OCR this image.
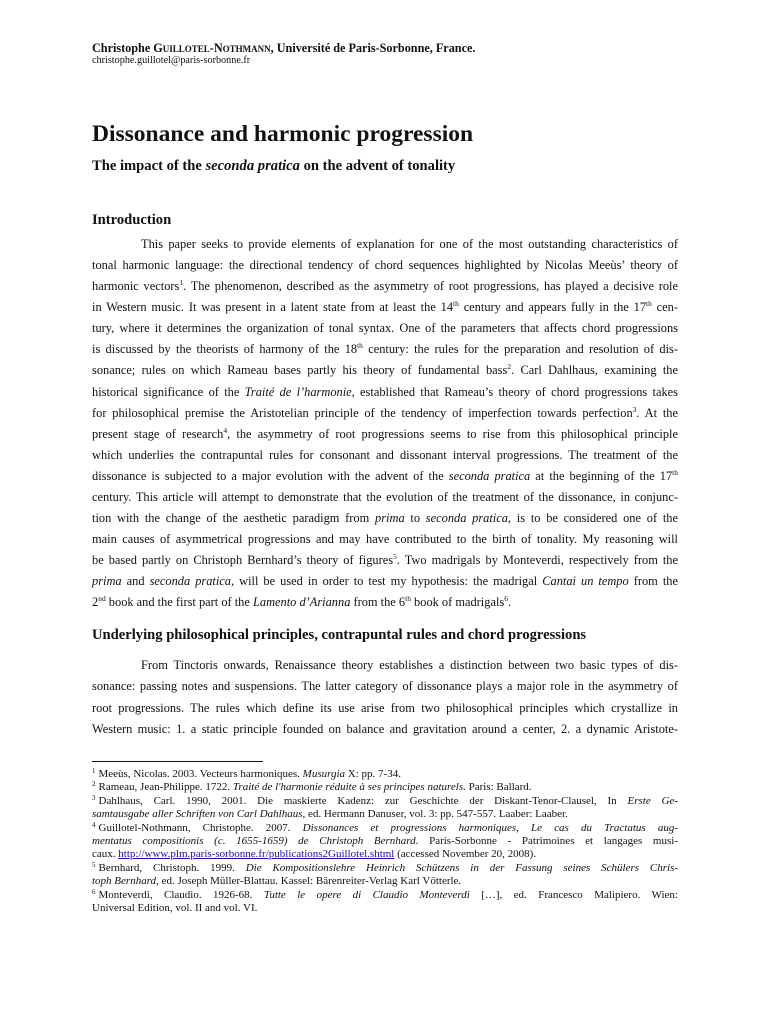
Christophe Guillotel-Nothmann, Université de Paris-Sorbonne, France.
christophe.guillotel@paris-sorbonne.fr
Dissonance and harmonic progression
The impact of the seconda pratica on the advent of tonality
Introduction
This paper seeks to provide elements of explanation for one of the most outstanding characteristics of
tonal harmonic language: the directional tendency of chord sequences highlighted by Nicolas Meeùs’ theory of
harmonic vectors$^1$. The phenomenon, described as the asymmetry of root progressions, has played a decisive role
in Western music. It was present in a latent state from at least the 14th century and appears fully in the 17th cen-
tury, where it determines the organization of tonal syntax. One of the parameters that affects chord progressions
is discussed by the theorists of harmony of the 18th century: the rules for the preparation and resolution of dis-
sonance; rules on which Rameau bases partly his theory of fundamental bass$^2$. Carl Dahlhaus, examining the
historical significance of the Traité de l’harmonie, established that Rameau’s theory of chord progressions takes
for philosophical premise the Aristotelian principle of the tendency of imperfection towards perfection$^3$. At the
present stage of research$^4$, the asymmetry of root progressions seems to rise from this philosophical principle
which underlies the contrapuntal rules for consonant and dissonant interval progressions. The treatment of the
dissonance is subjected to a major evolution with the advent of the seconda pratica at the beginning of the 17th
century. This article will attempt to demonstrate that the evolution of the treatment of the dissonance, in conjunc-
tion with the change of the aesthetic paradigm from prima to seconda pratica, is to be considered one of the
main causes of asymmetrical progressions and may have contributed to the birth of tonality. My reasoning will
be based partly on Christoph Bernhard’s theory of figures$^5$. Two madrigals by Monteverdi, respectively from the
prima and seconda pratica, will be used in order to test my hypothesis: the madrigal Cantai un tempo from the
2nd book and the first part of the Lamento d’Arianna from the 6th book of madrigals$^6$.
Underlying philosophical principles, contrapuntal rules and chord progressions
From Tinctoris onwards, Renaissance theory establishes a distinction between two basic types of dis-
sonance: passing notes and suspensions. The latter category of dissonance plays a major role in the asymmetry of
root progressions. The rules which define its use arise from two philosophical principles which crystallize in
Western music: 1. a static principle founded on balance and gravitation around a center, 2. a dynamic Aristote-
$^1$ Meeùs, Nicolas. 2003. Vecteurs harmoniques. Musurgia X: pp. 7-34.
$^2$ Rameau, Jean-Philippe. 1722. Traité de l'harmonie réduite à ses principes naturels. Paris: Ballard.
$^3$ Dahlhaus, Carl. 1990, 2001. Die maskierte Kadenz: zur Geschichte der Diskant-Tenor-Clausel, In Erste Ge-
samtausgabe aller Schriften von Carl Dahlhaus, ed. Hermann Danuser, vol. 3: pp. 547-557. Laaber: Laaber.
$^4$ Guillotel-Nothmann, Christophe. 2007. Dissonances et progressions harmoniques, Le cas du Tractatus aug-
mentatus compositionis (c. 1655-1659) de Christoph Bernhard. Paris-Sorbonne - Patrimoines et langages musi-
caux. http://www.plm.paris-sorbonne.fr/publications2Guillotel.shtml (accessed November 20, 2008).
$^5$ Bernhard, Christoph. 1999. Die Kompositionslehre Heinrich Schützens in der Fassung seines Schülers Chris-
toph Bernhard, ed. Joseph Müller-Blattau. Kassel: Bärenreiter-Verlag Karl Vötterle.
$^6$ Monteverdi, Claudio. 1926-68. Tutte le opere di Claudio Monteverdi […], ed. Francesco Malipiero. Wien:
Universal Edition, vol. II and vol. VI.
